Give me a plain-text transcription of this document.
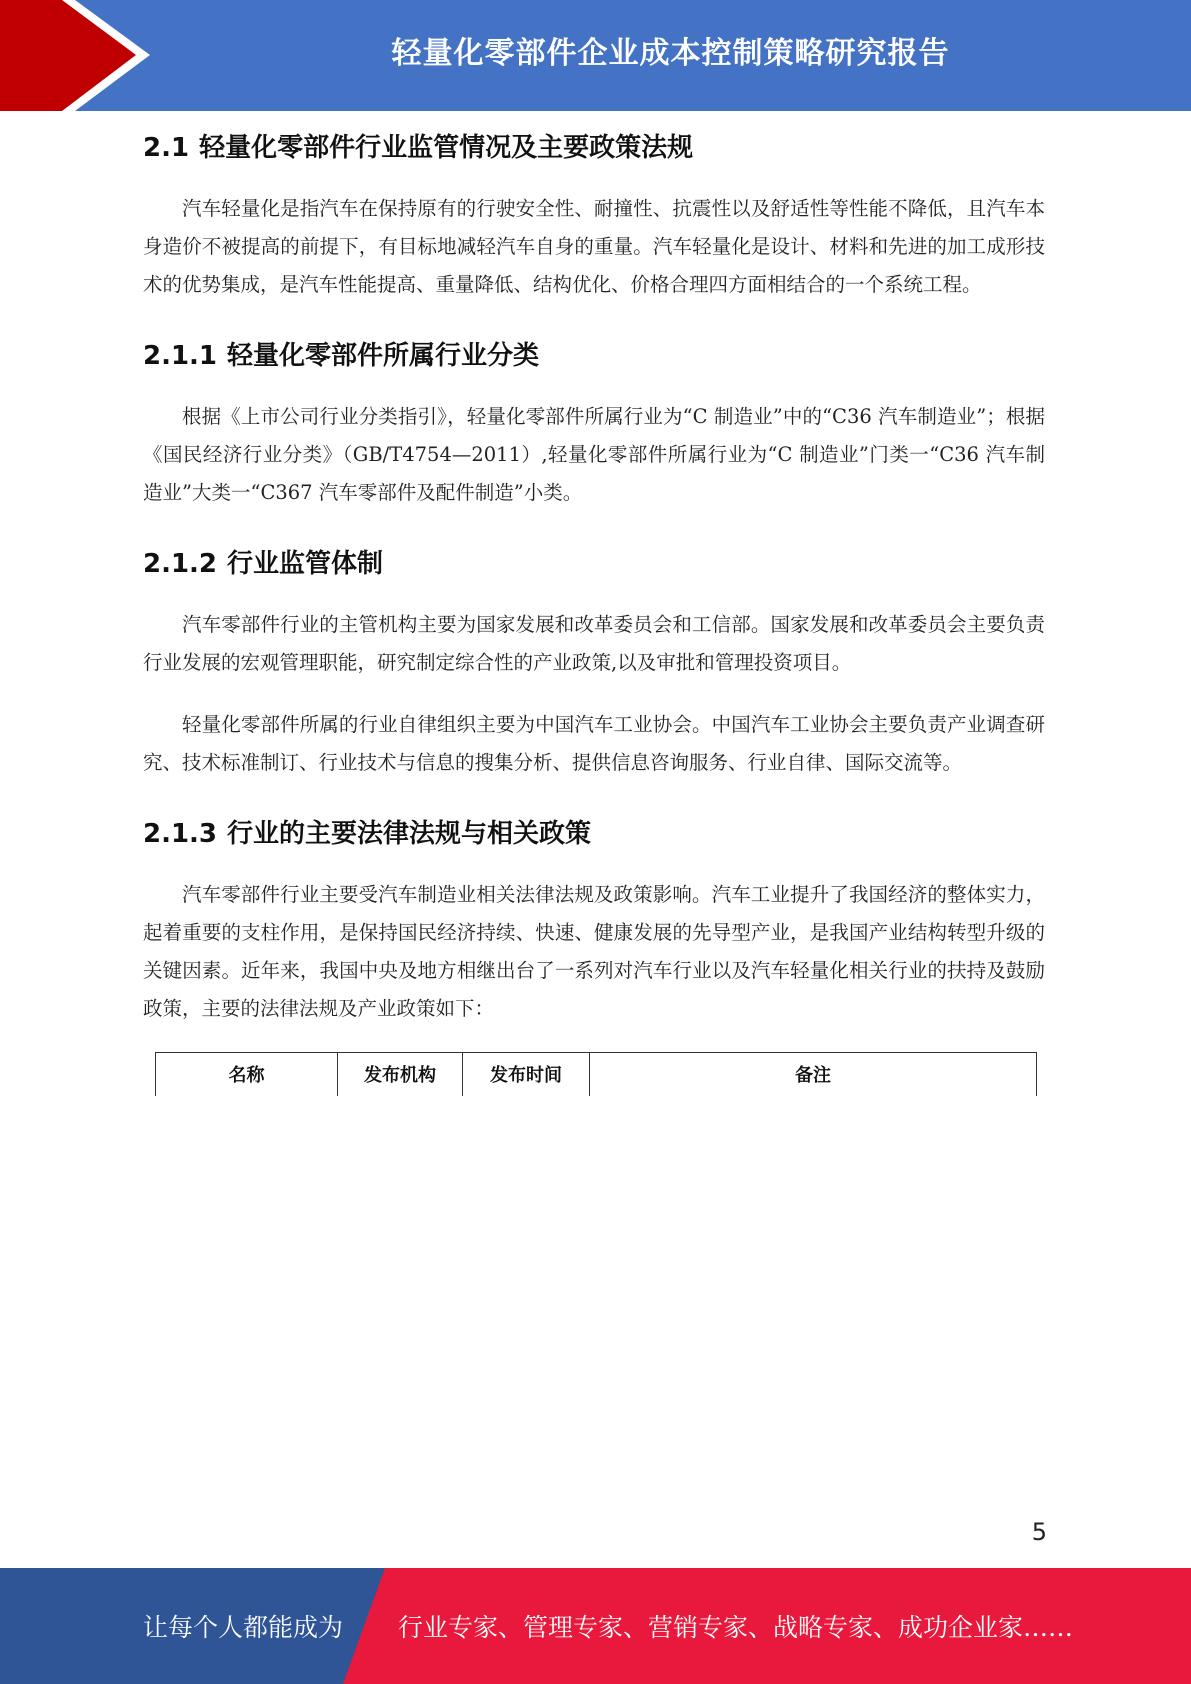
轻量化零部件企业成本控制策略研究报告
2.1 轻量化零部件行业监管情况及主要政策法规

汽车轻量化是指汽车在保持原有的行驶安全性、耐撞性、抗震性以及舒适性等性能不降低，且汽车本身造价不被提高的前提下，有目标地减轻汽车自身的重量。汽车轻量化是设计、材料和先进的加工成形技术的优势集成，是汽车性能提高、重量降低、结构优化、价格合理四方面相结合的一个系统工程。

2.1.1 轻量化零部件所属行业分类

根据《上市公司行业分类指引》，轻量化零部件所属行业为“C 制造业”中的“C36 汽车制造业”；根据《国民经济行业分类》（GB/T4754—2011）,轻量化零部件所属行业为“C 制造业”门类一“C36 汽车制造业”大类一“C367 汽车零部件及配件制造”小类。

2.1.2 行业监管体制

汽车零部件行业的主管机构主要为国家发展和改革委员会和工信部。国家发展和改革委员会主要负责行业发展的宏观管理职能，研究制定综合性的产业政策,以及审批和管理投资项目。

轻量化零部件所属的行业自律组织主要为中国汽车工业协会。中国汽车工业协会主要负责产业调查研究、技术标准制订、行业技术与信息的搜集分析、提供信息咨询服务、行业自律、国际交流等。

2.1.3 行业的主要法律法规与相关政策

汽车零部件行业主要受汽车制造业相关法律法规及政策影响。汽车工业提升了我国经济的整体实力，起着重要的支柱作用，是保持国民经济持续、快速、健康发展的先导型产业，是我国产业结构转型升级的关键因素。近年来，我国中央及地方相继出台了一系列对汽车行业以及汽车轻量化相关行业的扶持及鼓励政策，主要的法律法规及产业政策如下：

名称	发布机构	发布时间	备注
5
让每个人都能成为 行业专家、管理专家、营销专家、战略专家、成功企业家……
